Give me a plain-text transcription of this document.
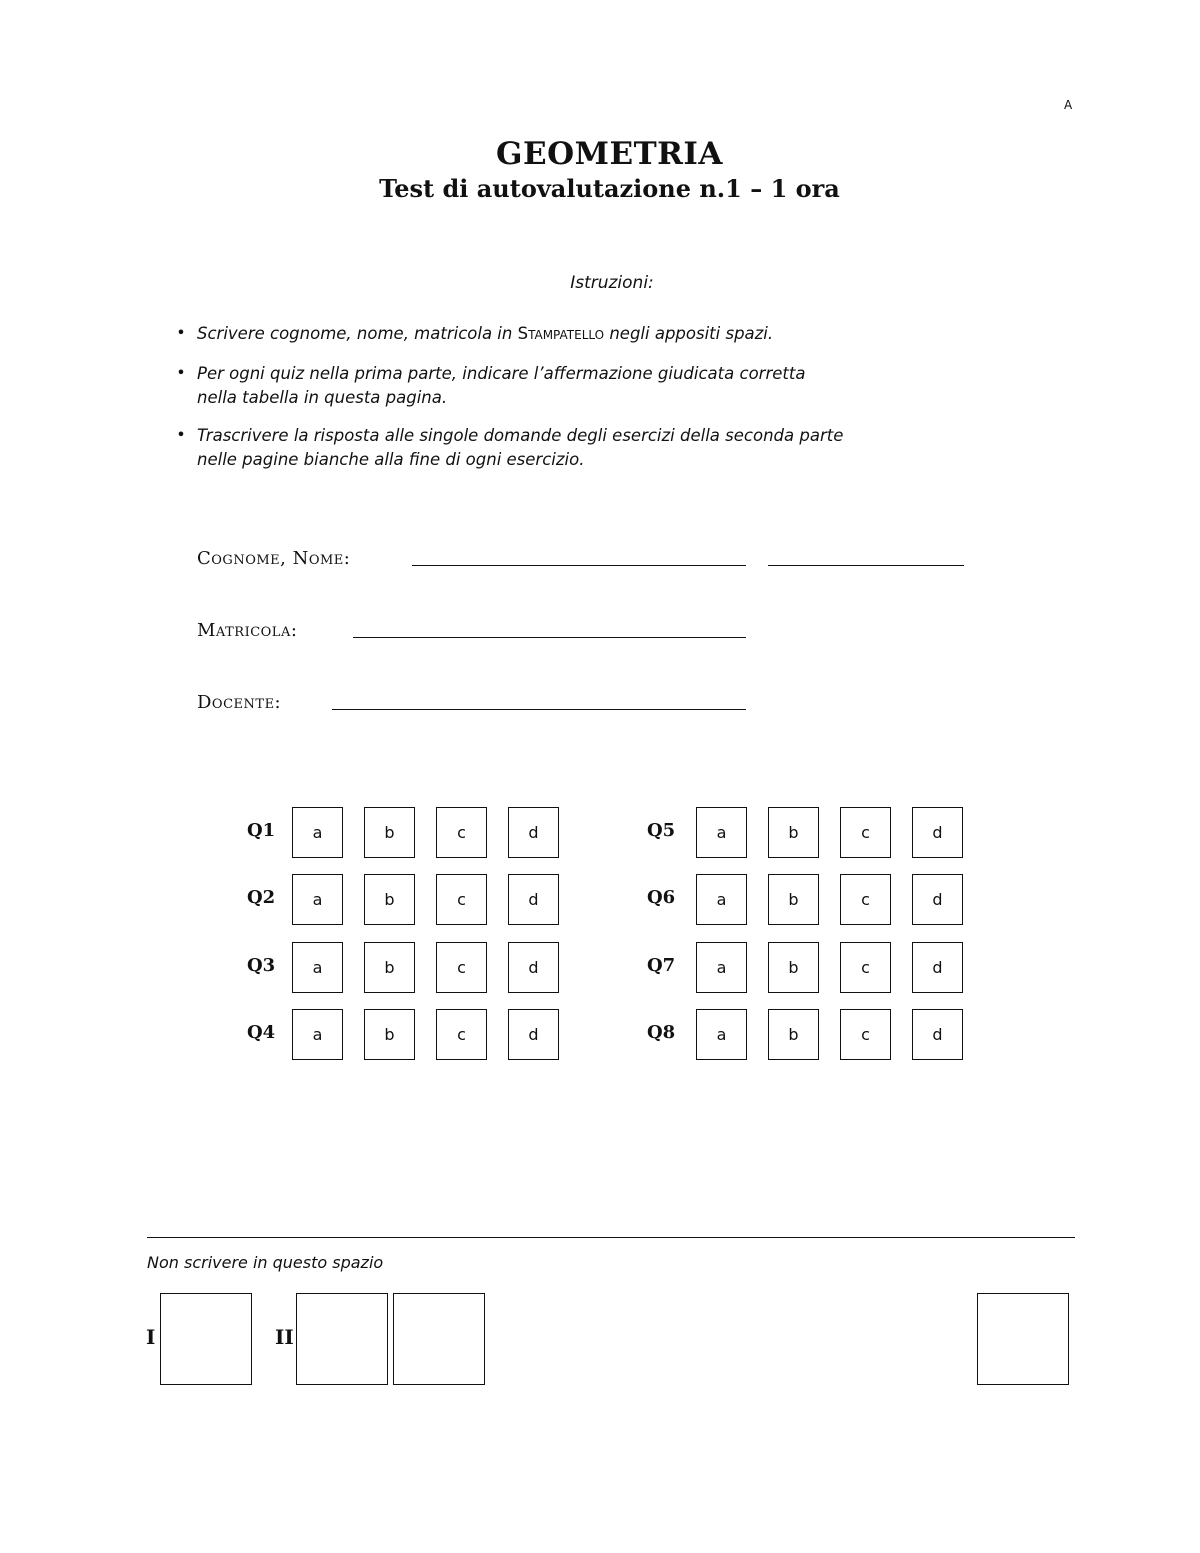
A
GEOMETRIA
Test di autovalutazione n.1 – 1 ora
Istruzioni:
• Scrivere cognome, nome, matricola in Stampatello negli appositi spazi.
• Per ogni quiz nella prima parte, indicare l’affermazione giudicata corretta
nella tabella in questa pagina.
• Trascrivere la risposta alle singole domande degli esercizi della seconda parte
nelle pagine bianche alla fine di ogni esercizio.
Cognome, Nome:
Matricola:
Docente:
Q1	a	b	c	d
Q2	a	b	c	d
Q3	a	b	c	d
Q4	a	b	c	d
Q5	a	b	c	d
Q6	a	b	c	d
Q7	a	b	c	d
Q8	a	b	c	d
Non scrivere in questo spazio
I	II
